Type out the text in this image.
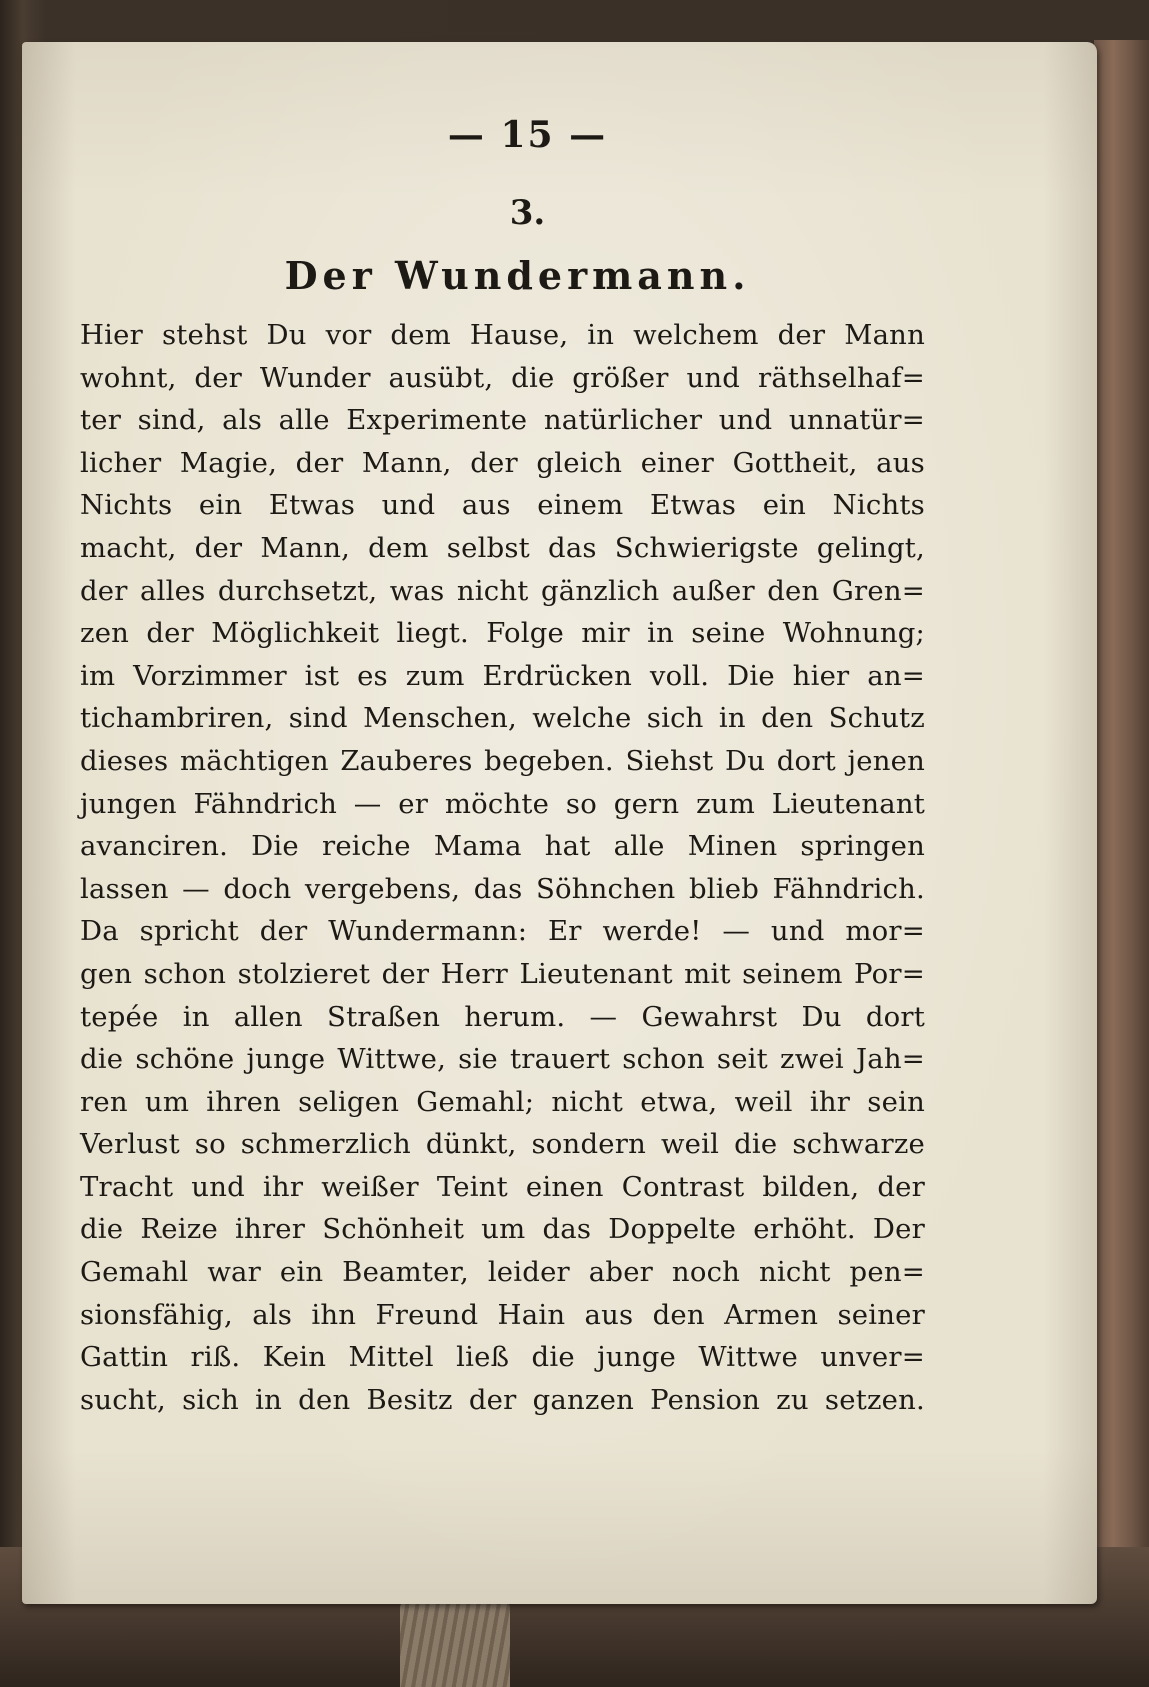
— 15 —
3.
Der Wundermann.
Hier stehst Du vor dem Hause, in welchem der Mann
wohnt, der Wunder ausübt, die größer und räthselhaf=
ter sind, als alle Experimente natürlicher und unnatür=
licher Magie, der Mann, der gleich einer Gottheit, aus
Nichts ein Etwas und aus einem Etwas ein Nichts
macht, der Mann, dem selbst das Schwierigste gelingt,
der alles durchsetzt, was nicht gänzlich außer den Gren=
zen der Möglichkeit liegt. Folge mir in seine Wohnung;
im Vorzimmer ist es zum Erdrücken voll. Die hier an=
tichambriren, sind Menschen, welche sich in den Schutz
dieses mächtigen Zauberes begeben. Siehst Du dort jenen
jungen Fähndrich — er möchte so gern zum Lieutenant
avanciren. Die reiche Mama hat alle Minen springen
lassen — doch vergebens, das Söhnchen blieb Fähndrich.
Da spricht der Wundermann: Er werde! — und mor=
gen schon stolzieret der Herr Lieutenant mit seinem Por=
tepée in allen Straßen herum. — Gewahrst Du dort
die schöne junge Wittwe, sie trauert schon seit zwei Jah=
ren um ihren seligen Gemahl; nicht etwa, weil ihr sein
Verlust so schmerzlich dünkt, sondern weil die schwarze
Tracht und ihr weißer Teint einen Contrast bilden, der
die Reize ihrer Schönheit um das Doppelte erhöht. Der
Gemahl war ein Beamter, leider aber noch nicht pen=
sionsfähig, als ihn Freund Hain aus den Armen seiner
Gattin riß. Kein Mittel ließ die junge Wittwe unver=
sucht, sich in den Besitz der ganzen Pension zu setzen.
